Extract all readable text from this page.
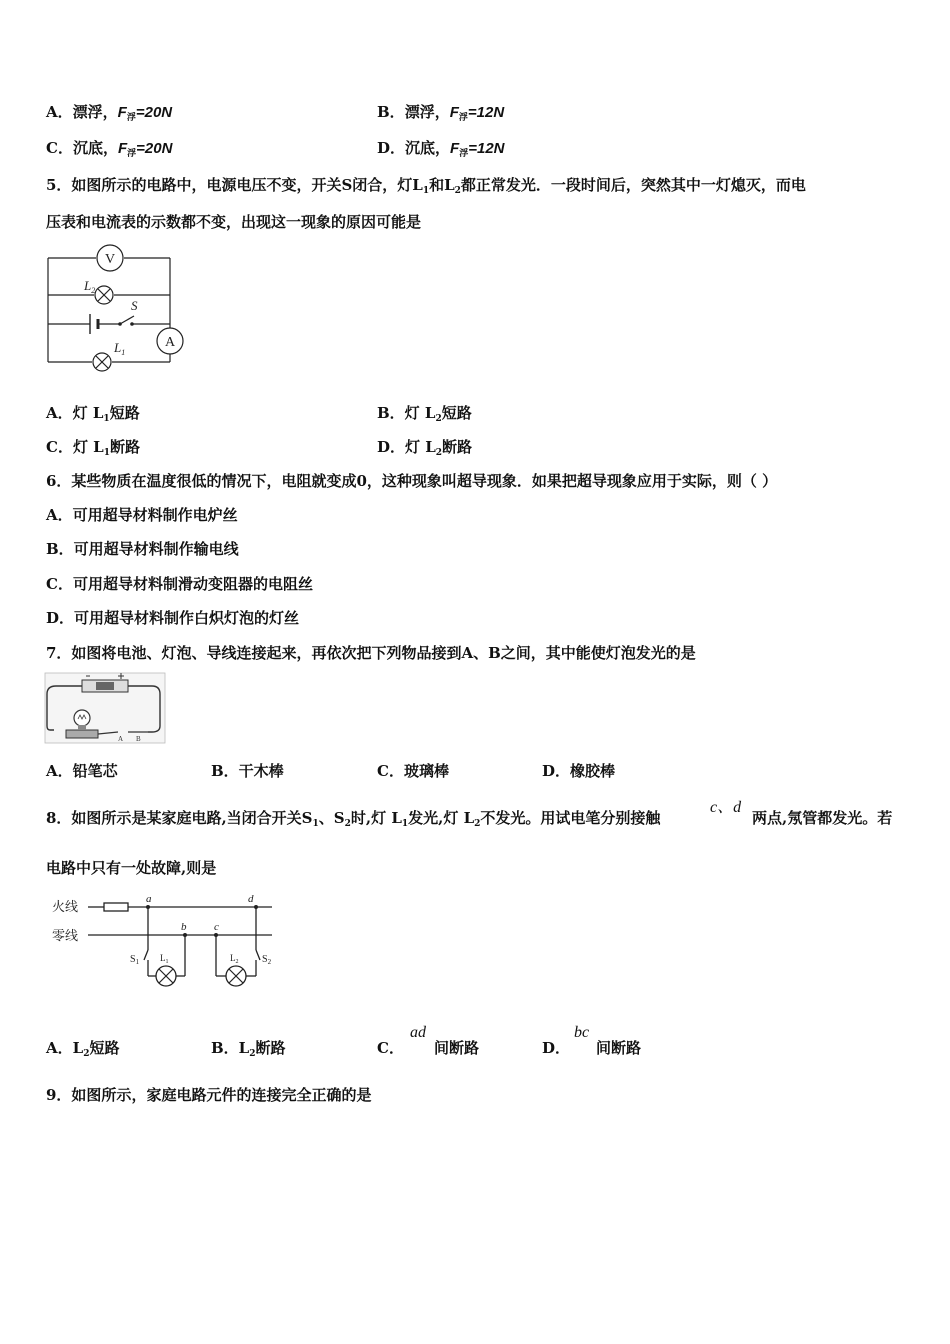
A．漂浮，$F_浮=20N$	B．漂浮，$F_浮=12N$
C．沉底，$F_浮=20N$	D．沉底，$F_浮=12N$
5．如图所示的电路中，电源电压不变，开关S闭合，灯$L_1$和$L_2$都正常发光．一段时间后，突然其中一灯熄灭，而电
压表和电流表的示数都不变，出现这一现象的原因可能是
V
$L_2$
S
A
$L_1$
A．灯 $L_1$短路	B．灯 $L_2$短路
C．灯 $L_1$断路	D．灯 $L_2$断路
6．某些物质在温度很低的情况下，电阻就变成0，这种现象叫超导现象．如果把超导现象应用于实际，则（ ）
A．可用超导材料制作电炉丝
B．可用超导材料制作输电线
C．可用超导材料制滑动变阻器的电阻丝
D．可用超导材料制作白炽灯泡的灯丝
7．如图将电池、灯泡、导线连接起来，再依次把下列物品接到A、B之间，其中能使灯泡发光的是
A B
A．铅笔芯	B．干木棒	C．玻璃棒	D．橡胶棒
8．如图所示是某家庭电路,当闭合开关$S_1$、$S_2$时,灯 $L_1$发光,灯 $L_2$不发光。用试电笔分别接触
c、d
两点,氖管都发光。若
电路中只有一处故障,则是
火线
零线
a
b	c
d
$S_1$	$S_2$
$L_1$	$L_2$
A．$L_2$短路	B．$L_2$断路	C．
ad
间断路	D．
bc
间断路
9．如图所示，家庭电路元件的连接完全正确的是
